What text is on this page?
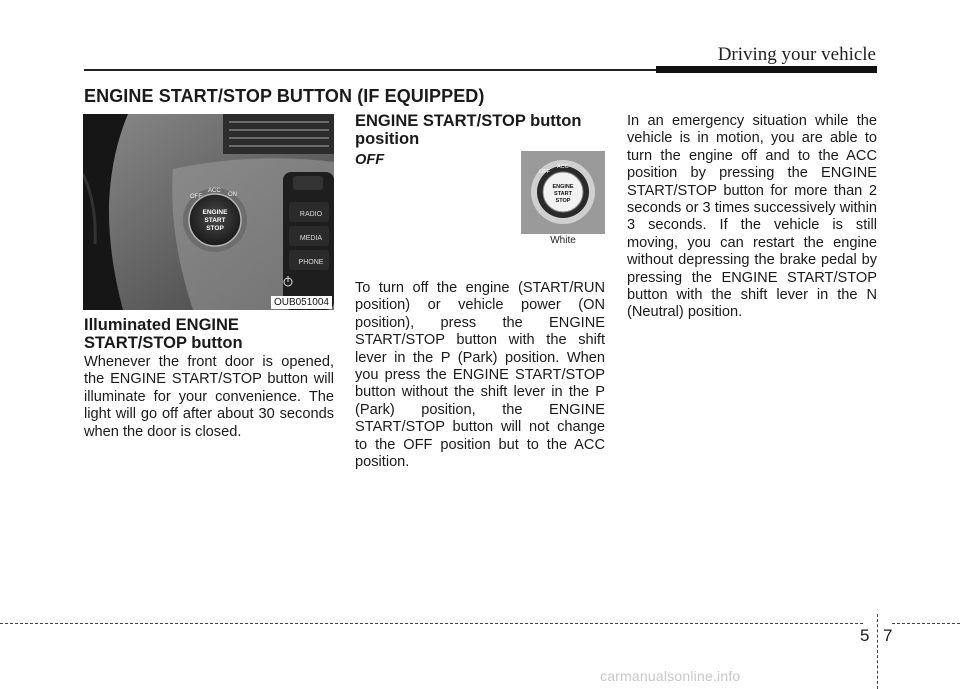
Driving your vehicle
ENGINE START/STOP BUTTON (IF EQUIPPED)
RADIO
MEDIA
PHONE
OFF
ACC
ON
ENGINE
START
STOP
OUB051004
Illuminated ENGINE
START/STOP button

Whenever the front door is opened, the ENGINE START/STOP button will illuminate for your convenience. The light will go off after about 30 seconds when the door is closed.

ENGINE START/STOP button
position
OFF
OFF
ACC
ENGINE
START
STOP
White

To turn off the engine (START/RUN position) or vehicle power (ON position), press the ENGINE START/STOP button with the shift lever in the P (Park) position. When you press the ENGINE START/STOP button without the shift lever in the P (Park) position, the ENGINE START/STOP button will not change to the OFF position but to the ACC position.

In an emergency situation while the vehicle is in motion, you are able to turn the engine off and to the ACC position by pressing the ENGINE START/STOP button for more than 2 seconds or 3 times successively within 3 seconds. If the vehicle is still moving, you can restart the engine without depressing the brake pedal by pressing the ENGINE START/STOP button with the shift lever in the N (Neutral) position.

5 7
carmanualsonline.info
